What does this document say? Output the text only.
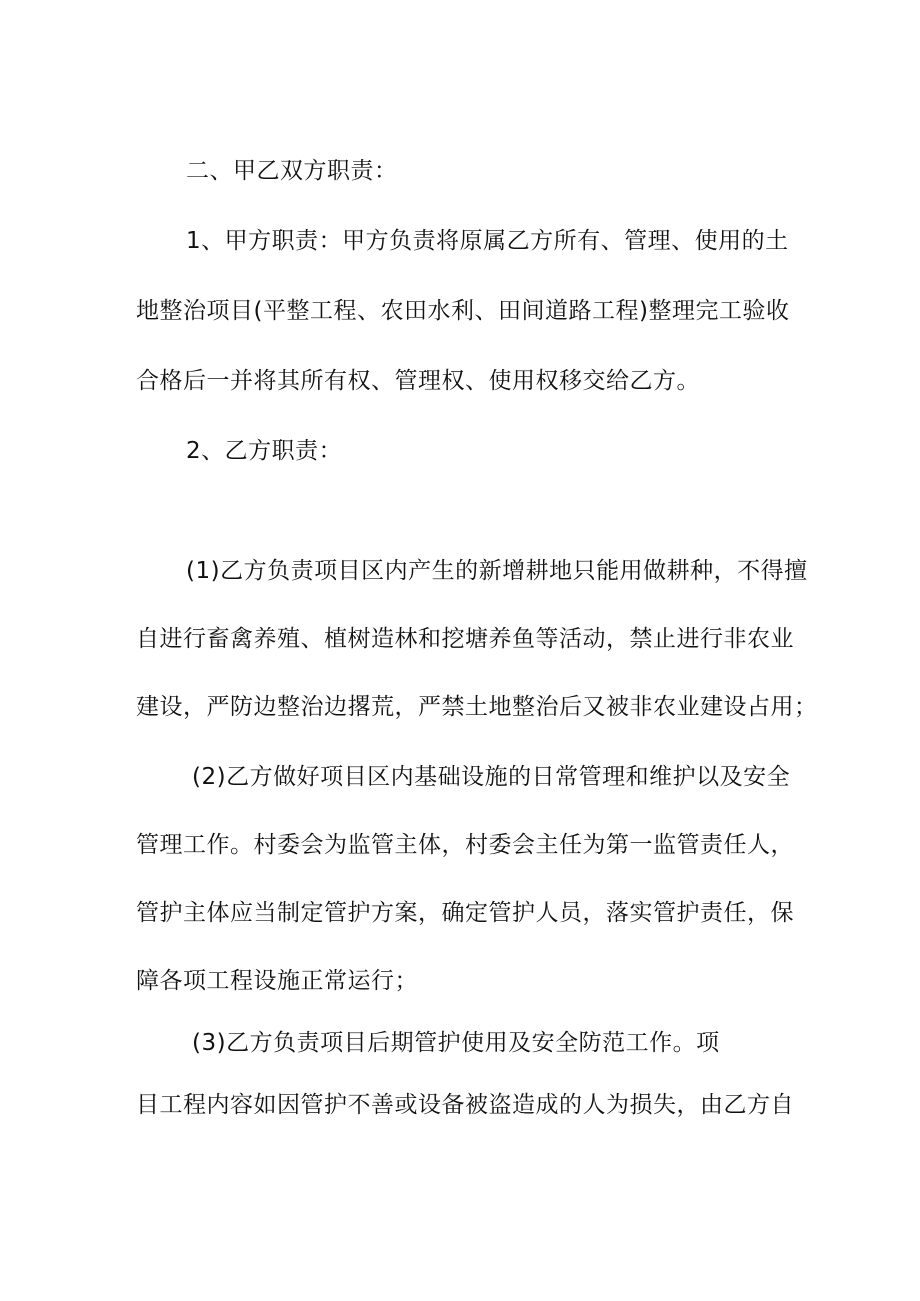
二、甲乙双方职责：
1、甲方职责：甲方负责将原属乙方所有、管理、使用的土
地整治项目(平整工程、农田水利、田间道路工程)整理完工验收
合格后一并将其所有权、管理权、使用权移交给乙方。
2、乙方职责：
(1)乙方负责项目区内产生的新增耕地只能用做耕种，不得擅
自进行畜禽养殖、植树造林和挖塘养鱼等活动，禁止进行非农业
建设，严防边整治边撂荒，严禁土地整治后又被非农业建设占用；
(2)乙方做好项目区内基础设施的日常管理和维护以及安全
管理工作。村委会为监管主体，村委会主任为第一监管责任人，
管护主体应当制定管护方案，确定管护人员，落实管护责任，保
障各项工程设施正常运行；
(3)乙方负责项目后期管护使用及安全防范工作。项
目工程内容如因管护不善或设备被盗造成的人为损失，由乙方自
